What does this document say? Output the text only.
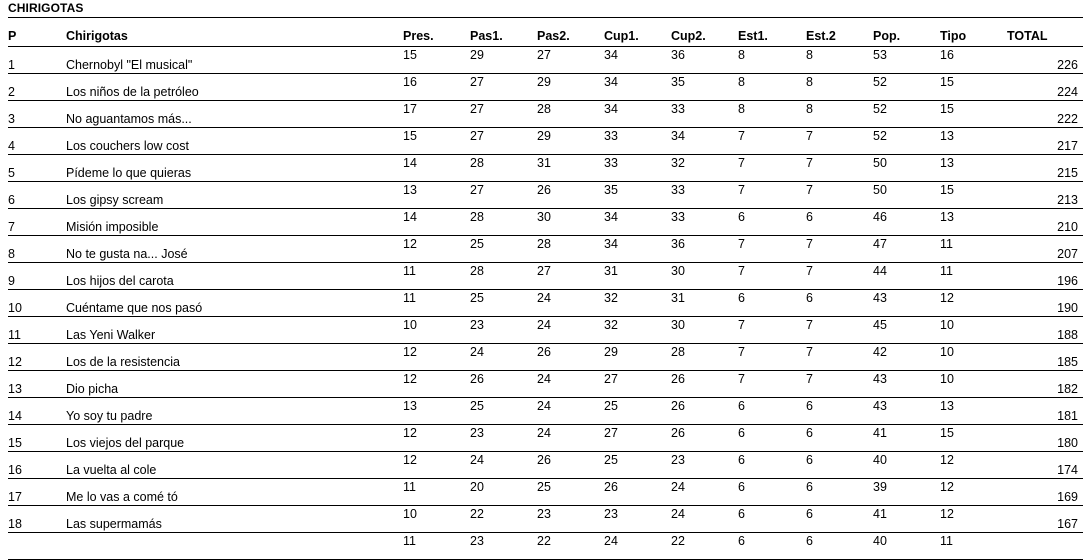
CHIRIGOTAS
P	Chirigotas	Pres.	Pas1.	Pas2.	Cup1.	Cup2.	Est1.	Est.2	Pop.	Tipo	TOTAL

1	Chernobyl "El musical"	15	29	27	34	36	8	8	53	16	226

2	Los niños de la petróleo	16	27	29	34	35	8	8	52	15	224

3	No aguantamos más...	17	27	28	34	33	8	8	52	15	222

4	Los couchers low cost	15	27	29	33	34	7	7	52	13	217

5	Pídeme lo que quieras	14	28	31	33	32	7	7	50	13	215

6	Los gipsy scream	13	27	26	35	33	7	7	50	15	213

7	Misión imposible	14	28	30	34	33	6	6	46	13	210

8	No te gusta na... José	12	25	28	34	36	7	7	47	11	207

9	Los hijos del carota	11	28	27	31	30	7	7	44	11	196

10	Cuéntame que nos pasó	11	25	24	32	31	6	6	43	12	190

11	Las Yeni Walker	10	23	24	32	30	7	7	45	10	188

12	Los de la resistencia	12	24	26	29	28	7	7	42	10	185

13	Dio picha	12	26	24	27	26	7	7	43	10	182

14	Yo soy tu padre	13	25	24	25	26	6	6	43	13	181

15	Los viejos del parque	12	23	24	27	26	6	6	41	15	180

16	La vuelta al cole	12	24	26	25	23	6	6	40	12	174

17	Me lo vas a comé tó	11	20	25	26	24	6	6	39	12	169

18	Las supermamás	10	22	23	23	24	6	6	41	12	167

		11	23	22	24	22	6	6	40	11	
